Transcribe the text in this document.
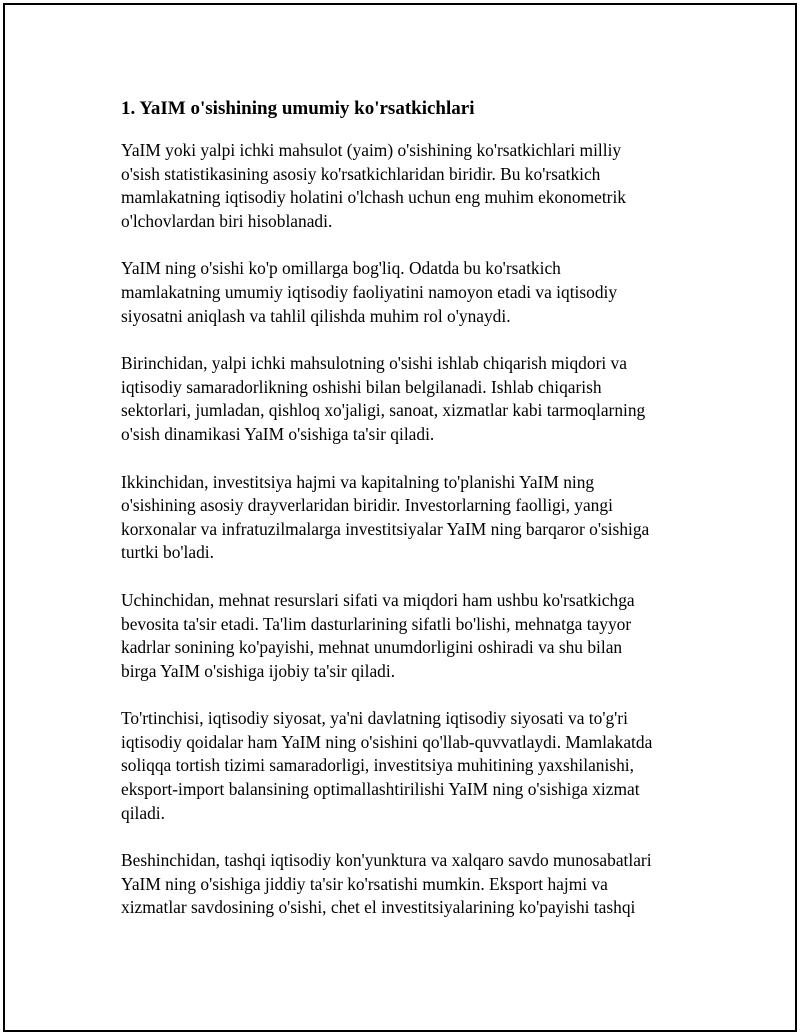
1. YaIM o'sishining umumiy ko'rsatkichlari

YaIM yoki yalpi ichki mahsulot (yaim) o'sishining ko'rsatkichlari milliy
o'sish statistikasining asosiy ko'rsatkichlaridan biridir. Bu ko'rsatkich
mamlakatning iqtisodiy holatini o'lchash uchun eng muhim ekonometrik
o'lchovlardan biri hisoblanadi.

YaIM ning o'sishi ko'p omillarga bog'liq. Odatda bu ko'rsatkich
mamlakatning umumiy iqtisodiy faoliyatini namoyon etadi va iqtisodiy
siyosatni aniqlash va tahlil qilishda muhim rol o'ynaydi.

Birinchidan, yalpi ichki mahsulotning o'sishi ishlab chiqarish miqdori va
iqtisodiy samaradorlikning oshishi bilan belgilanadi. Ishlab chiqarish
sektorlari, jumladan, qishloq xo'jaligi, sanoat, xizmatlar kabi tarmoqlarning
o'sish dinamikasi YaIM o'sishiga ta'sir qiladi.

Ikkinchidan, investitsiya hajmi va kapitalning to'planishi YaIM ning
o'sishining asosiy drayverlaridan biridir. Investorlarning faolligi, yangi
korxonalar va infratuzilmalarga investitsiyalar YaIM ning barqaror o'sishiga
turtki bo'ladi.

Uchinchidan, mehnat resurslari sifati va miqdori ham ushbu ko'rsatkichga
bevosita ta'sir etadi. Ta'lim dasturlarining sifatli bo'lishi, mehnatga tayyor
kadrlar sonining ko'payishi, mehnat unumdorligini oshiradi va shu bilan
birga YaIM o'sishiga ijobiy ta'sir qiladi.

To'rtinchisi, iqtisodiy siyosat, ya'ni davlatning iqtisodiy siyosati va to'g'ri
iqtisodiy qoidalar ham YaIM ning o'sishini qo'llab-quvvatlaydi. Mamlakatda
soliqqa tortish tizimi samaradorligi, investitsiya muhitining yaxshilanishi,
eksport-import balansining optimallashtirilishi YaIM ning o'sishiga xizmat
qiladi.

Beshinchidan, tashqi iqtisodiy kon'yunktura va xalqaro savdo munosabatlari
YaIM ning o'sishiga jiddiy ta'sir ko'rsatishi mumkin. Eksport hajmi va
xizmatlar savdosining o'sishi, chet el investitsiyalarining ko'payishi tashqi
